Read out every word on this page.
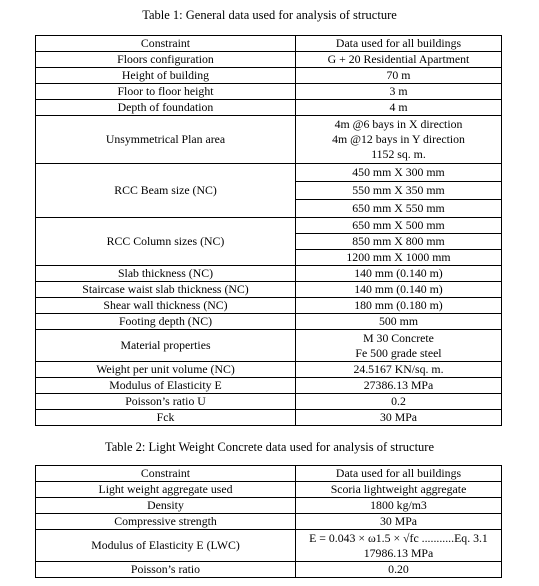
Table 1: General data used for analysis of structure
Constraint	Data used for all buildings
Floors configuration	G + 20 Residential Apartment
Height of building	70 m
Floor to floor height	3 m
Depth of foundation	4 m
Unsymmetrical Plan area	4m @6 bays in X direction
4m @12 bays in Y direction
1152 sq. m.

RCC Beam size (NC)	450 mm X 300 mm
	550 mm X 350 mm
	650 mm X 550 mm
RCC Column sizes (NC)	650 mm X 500 mm
	850 mm X 800 mm
	1200 mm X 1000 mm
Slab thickness (NC)	140 mm (0.140 m)
Staircase waist slab thickness (NC)	140 mm (0.140 m)
Shear wall thickness (NC)	180 mm (0.180 m)
Footing depth (NC)	500 mm
Material properties	M 30 Concrete
Fe 500 grade steel

Weight per unit volume (NC)	24.5167 KN/sq. m.
Modulus of Elasticity E	27386.13 MPa
Poisson’s ratio U	0.2
Fck	30 MPa
Table 2: Light Weight Concrete data used for analysis of structure
Constraint	Data used for all buildings
Light weight aggregate used	Scoria lightweight aggregate
Density	1800 kg/m3
Compressive strength	30 MPa
Modulus of Elasticity E (LWC)	E = 0.043 × ω1.5 × √fc ...........Eq. 3.1
17986.13 MPa

Poisson’s ratio	0.20
